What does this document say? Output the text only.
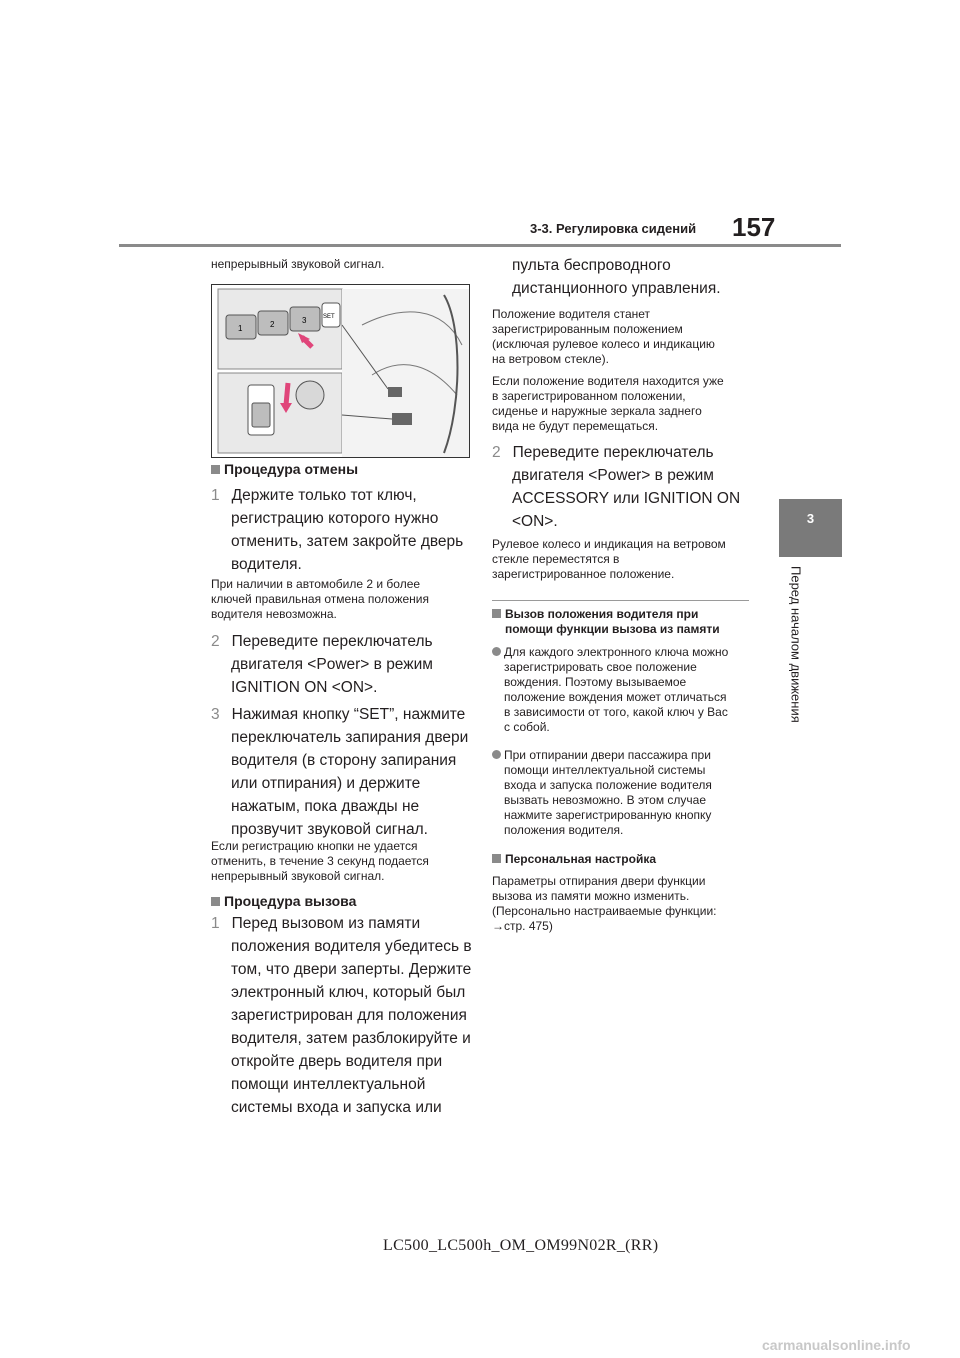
157
3-3. Регулировка сидений
3
Перед началом движения
непрерывный звуковой сигнал.
1	2	3	SET
Процедура отмены
1 Держите только тот ключ,
регистрацию которого нужно
отменить, затем закройте дверь
водителя.
При наличии в автомобиле 2 и более
ключей правильная отмена положения
водителя невозможна.
2 Переведите переключатель
двигателя <Power> в режим
IGNITION ON <ON>.
3 Нажимая кнопку “SET”, нажмите
переключатель запирания двери
водителя (в сторону запирания
или отпирания) и держите
нажатым, пока дважды не
прозвучит звуковой сигнал.
Если регистрацию кнопки не удается
отменить, в течение 3 секунд подается
непрерывный звуковой сигнал.
Процедура вызова
1 Перед вызовом из памяти
положения водителя убедитесь в
том, что двери заперты. Держите
электронный ключ, который был
зарегистрирован для положения
водителя, затем разблокируйте и
откройте дверь водителя при
помощи интеллектуальной
системы входа и запуска или
пульта беспроводного
дистанционного управления.
Положение водителя станет
зарегистрированным положением
(исключая рулевое колесо и индикацию
на ветровом стекле).
Если положение водителя находится уже
в зарегистрированном положении,
сиденье и наружные зеркала заднего
вида не будут перемещаться.
2 Переведите переключатель
двигателя <Power> в режим
ACCESSORY или IGNITION ON
<ON>.
Рулевое колесо и индикация на ветровом
стекле переместятся в
зарегистрированное положение.
Вызов положения водителя при
помощи функции вызова из памяти
Для каждого электронного ключа можно
зарегистрировать свое положение
вождения. Поэтому вызываемое
положение вождения может отличаться
в зависимости от того, какой ключ у Вас
с собой.
При отпирании двери пассажира при
помощи интеллектуальной системы
входа и запуска положение водителя
вызвать невозможно. В этом случае
нажмите зарегистрированную кнопку
положения водителя.
Персональная настройка
Параметры отпирания двери функции
вызова из памяти можно изменить.
(Персонально настраиваемые функции:
→стр. 475)
LC500_LC500h_OM_OM99N02R_(RR)
carmanualsonline.info
